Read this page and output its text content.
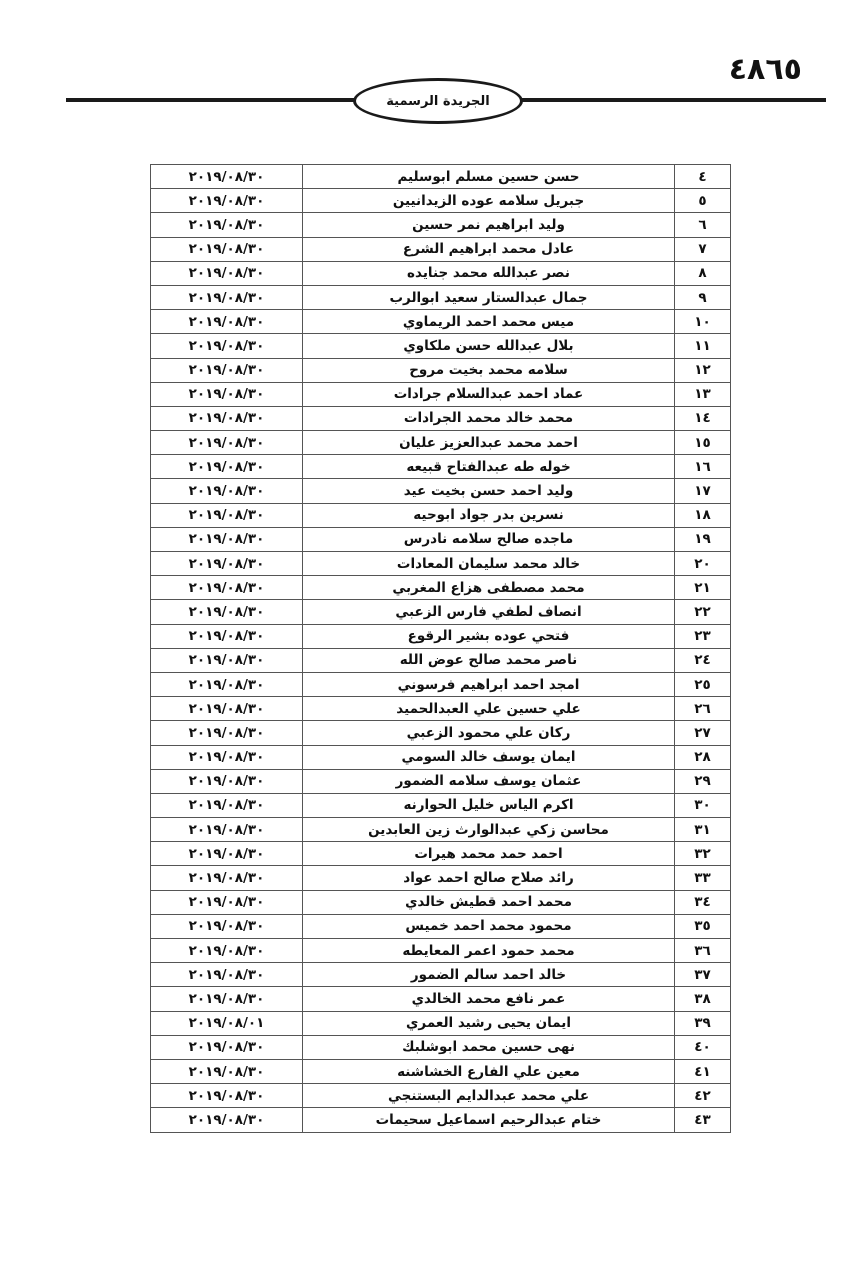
٤٨٦٥
الجريدة الرسمية
٤	حسن حسين مسلم ابوسليم	٢٠١٩/٠٨/٣٠
٥	جبريل سلامه عوده الزيدانيين	٢٠١٩/٠٨/٣٠
٦	وليد ابراهيم نمر حسين	٢٠١٩/٠٨/٣٠
٧	عادل محمد ابراهيم الشرع	٢٠١٩/٠٨/٣٠
٨	نصر عبدالله محمد جنايده	٢٠١٩/٠٨/٣٠
٩	جمال عبدالستار سعيد ابوالرب	٢٠١٩/٠٨/٣٠
١٠	ميس محمد احمد الريماوي	٢٠١٩/٠٨/٣٠
١١	بلال عبدالله حسن ملكاوي	٢٠١٩/٠٨/٣٠
١٢	سلامه محمد بخيت مروح	٢٠١٩/٠٨/٣٠
١٣	عماد احمد عبدالسلام جرادات	٢٠١٩/٠٨/٣٠
١٤	محمد خالد محمد الجرادات	٢٠١٩/٠٨/٣٠
١٥	احمد محمد عبدالعزيز عليان	٢٠١٩/٠٨/٣٠
١٦	خوله طه عبدالفتاح قبيعه	٢٠١٩/٠٨/٣٠
١٧	وليد احمد حسن بخيت عيد	٢٠١٩/٠٨/٣٠
١٨	نسرين بدر جواد ابوحيه	٢٠١٩/٠٨/٣٠
١٩	ماجده صالح سلامه نادرس	٢٠١٩/٠٨/٣٠
٢٠	خالد محمد سليمان المعادات	٢٠١٩/٠٨/٣٠
٢١	محمد مصطفى هزاع المغربي	٢٠١٩/٠٨/٣٠
٢٢	انصاف لطفي فارس الزعبي	٢٠١٩/٠٨/٣٠
٢٣	فتحي عوده بشير الرقوع	٢٠١٩/٠٨/٣٠
٢٤	ناصر محمد صالح عوض الله	٢٠١٩/٠٨/٣٠
٢٥	امجد احمد ابراهيم فرسوني	٢٠١٩/٠٨/٣٠
٢٦	علي حسين علي العبدالحميد	٢٠١٩/٠٨/٣٠
٢٧	ركان علي محمود الزعبي	٢٠١٩/٠٨/٣٠
٢٨	ايمان يوسف خالد السومي	٢٠١٩/٠٨/٣٠
٢٩	عثمان يوسف سلامه الضمور	٢٠١٩/٠٨/٣٠
٣٠	اكرم الياس خليل الحوارنه	٢٠١٩/٠٨/٣٠
٣١	محاسن زكي عبدالوارث زين العابدين	٢٠١٩/٠٨/٣٠
٣٢	احمد حمد محمد هيرات	٢٠١٩/٠٨/٣٠
٣٣	رائد صلاح صالح احمد عواد	٢٠١٩/٠٨/٣٠
٣٤	محمد احمد قطيش خالدي	٢٠١٩/٠٨/٣٠
٣٥	محمود محمد احمد خميس	٢٠١٩/٠٨/٣٠
٣٦	محمد حمود اعمر المعايطه	٢٠١٩/٠٨/٣٠
٣٧	خالد احمد سالم الضمور	٢٠١٩/٠٨/٣٠
٣٨	عمر نافع محمد الخالدي	٢٠١٩/٠٨/٣٠
٣٩	ايمان يحيى رشيد العمري	٢٠١٩/٠٨/٠١
٤٠	نهى حسين محمد ابوشلبك	٢٠١٩/٠٨/٣٠
٤١	معين علي الفارع الخشاشنه	٢٠١٩/٠٨/٣٠
٤٢	علي محمد عبدالدايم البستنجي	٢٠١٩/٠٨/٣٠
٤٣	ختام عبدالرحيم اسماعيل سحيمات	٢٠١٩/٠٨/٣٠
